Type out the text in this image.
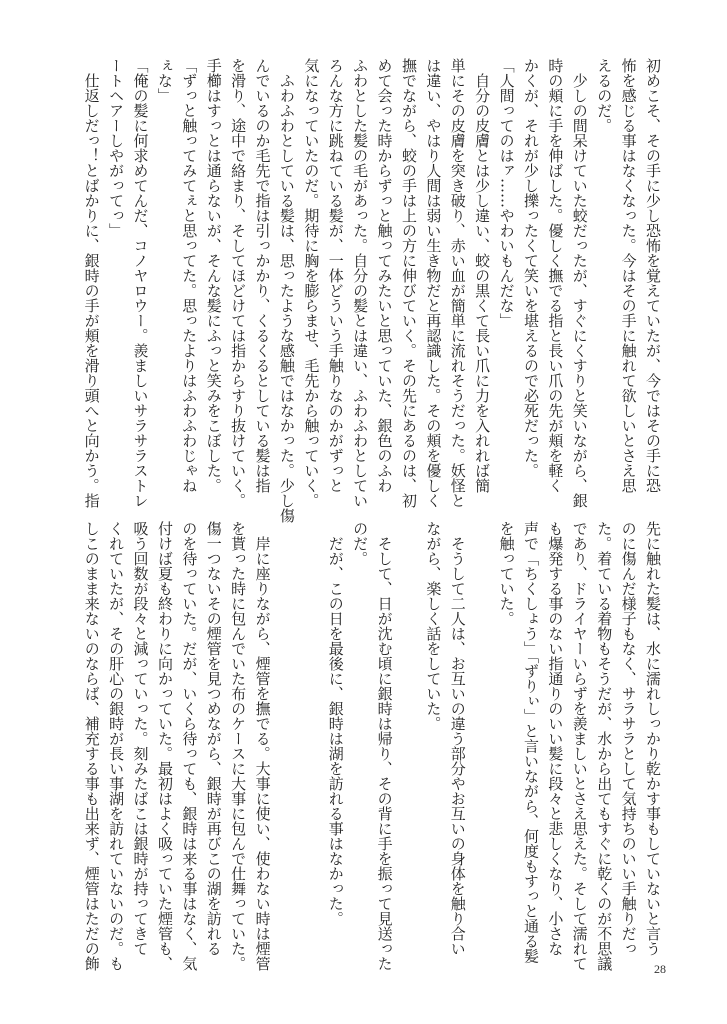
初めこそ、その手に少し恐怖を覚えていたが、今ではその手に恐
怖を感じる事はなくなった。今はその手に触れて欲しいとさえ思
えるのだ。
　少しの間呆けていた蛟だったが、すぐにくすりと笑いながら、銀
時の頬に手を伸ばした。優しく撫でる指と長い爪の先が頬を軽く
かくが、それが少し擽ったくて笑いを堪えるので必死だった。
「人間ってのはァ……やわいもんだな」
　自分の皮膚とは少し違い、蛟の黒くて長い爪に力を入れれば簡
単にその皮膚を突き破り、赤い血が簡単に流れそうだった。妖怪と
は違い、やはり人間は弱い生き物だと再認識した。その頬を優しく
撫でながら、蛟の手は上の方に伸びていく。その先にあるのは、初
めて会った時からずっと触ってみたいと思っていた、銀色のふわ
ふわとした髪の毛があった。自分の髪とは違い、ふわふわとしてい
ろんな方に跳ねている髪が、一体どういう手触りなのかがずっと
気になっていたのだ。期待に胸を膨らませ、毛先から触っていく。
　ふわふわとしている髪は、思ったような感触ではなかった。少し傷
んでいるのか毛先で指は引っかかり、くるくるとしている髪は指
を滑り、途中で絡まり、そしてほどけては指からすり抜けていく。
手櫛はすっとは通らないが、そんな髪にふっと笑みをこぼした。
「ずっと触ってみてぇと思ってた。思ったよりはふわふわじゃね
ぇな」
「俺の髪に何求めてんだ、コノヤロウー。羨ましいサラサラストレ
ートヘアーしやがってっ」
　仕返しだっ！とばかりに、銀時の手が頬を滑り頭へと向かう。指
先に触れた髪は、水に濡れしっかり乾かす事もしていないと言う
のに傷んだ様子もなく、サラサラとして気持ちのいい手触りだっ
た。着ている着物もそうだが、水から出てもすぐに乾くのが不思議
であり、ドライヤーいらずを羨ましいとさえ思えた。そして濡れて
も爆発する事のない指通りのいい髪に段々と悲しくなり、小さな
声で「ちくしょう」「ずりぃ」と言いながら、何度もすっと通る髪
を触っていた。
　そうして二人は、お互いの違う部分やお互いの身体を触り合い
ながら、楽しく話をしていた。
　そして、日が沈む頃に銀時は帰り、その背に手を振って見送った
のだ。
　だが、この日を最後に、銀時は湖を訪れる事はなかった。
　岸に座りながら、煙管を撫でる。大事に使い、使わない時は煙管
を貰った時に包んでいた布のケースに大事に包んで仕舞っていた。
傷一つないその煙管を見つめながら、銀時が再びこの湖を訪れる
のを待っていた。だが、いくら待っても、銀時は来る事はなく、気
付けば夏も終わりに向かっていた。最初はよく吸っていた煙管も、
吸う回数が段々と減っていった。刻みたばこは銀時が持ってきて
くれていたが、その肝心の銀時が長い事湖を訪れていないのだ。も
しこのまま来ないのならば、補充する事も出来ず、煙管はただの飾	28
